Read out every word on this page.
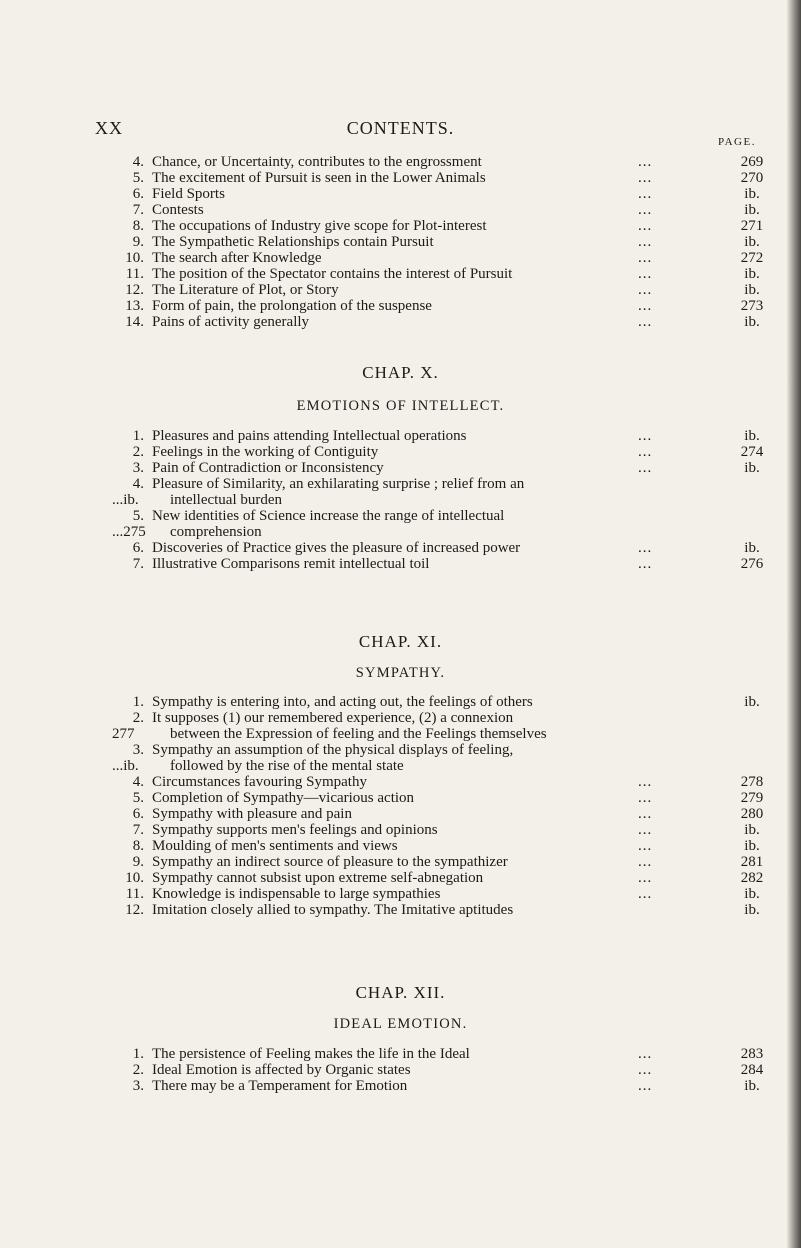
CONTENTS.
XX
PAGE.
4. Chance, or Uncertainty, contributes to the engrossment	...	269
5. The excitement of Pursuit is seen in the Lower Animals	...	270
6. Field Sports	...	ib.
7. Contests	...	ib.
8. The occupations of Industry give scope for Plot-interest	...	271
9. The Sympathetic Relationships contain Pursuit	...	ib.
10. The search after Knowledge	...	272
11. The position of the Spectator contains the interest of Pursuit	...	ib.
12. The Literature of Plot, or Story	...	ib.
13. Form of pain, the prolongation of the suspense	...	273
14. Pains of activity generally	...	ib.
CHAP. X.
EMOTIONS OF INTELLECT.
1. Pleasures and pains attending Intellectual operations	...	ib.
2. Feelings in the working of Contiguity	...	274
3. Pain of Contradiction or Inconsistency	...	ib.
4. Pleasure of Similarity, an exhilarating surprise ; relief from an
intellectual burden
...ib.
5. New identities of Science increase the range of intellectual
comprehension
...275
6. Discoveries of Practice gives the pleasure of increased power	...	ib.
7. Illustrative Comparisons remit intellectual toil	...	276
CHAP. XI.
SYMPATHY.
1. Sympathy is entering into, and acting out, the feelings of others	ib.
2. It supposes (1) our remembered experience, (2) a connexion
between the Expression of feeling and the Feelings themselves
277
3. Sympathy an assumption of the physical displays of feeling,
followed by the rise of the mental state
...ib.
4. Circumstances favouring Sympathy	...	278
5. Completion of Sympathy—vicarious action	...	279
6. Sympathy with pleasure and pain	...	280
7. Sympathy supports men's feelings and opinions	...	ib.
8. Moulding of men's sentiments and views	...	ib.
9. Sympathy an indirect source of pleasure to the sympathizer	...	281
10. Sympathy cannot subsist upon extreme self-abnegation	...	282
11. Knowledge is indispensable to large sympathies	...	ib.
12. Imitation closely allied to sympathy. The Imitative aptitudes	ib.
CHAP. XII.
IDEAL EMOTION.
1. The persistence of Feeling makes the life in the Ideal	...	283
2. Ideal Emotion is affected by Organic states	...	284
3. There may be a Temperament for Emotion	...	ib.
